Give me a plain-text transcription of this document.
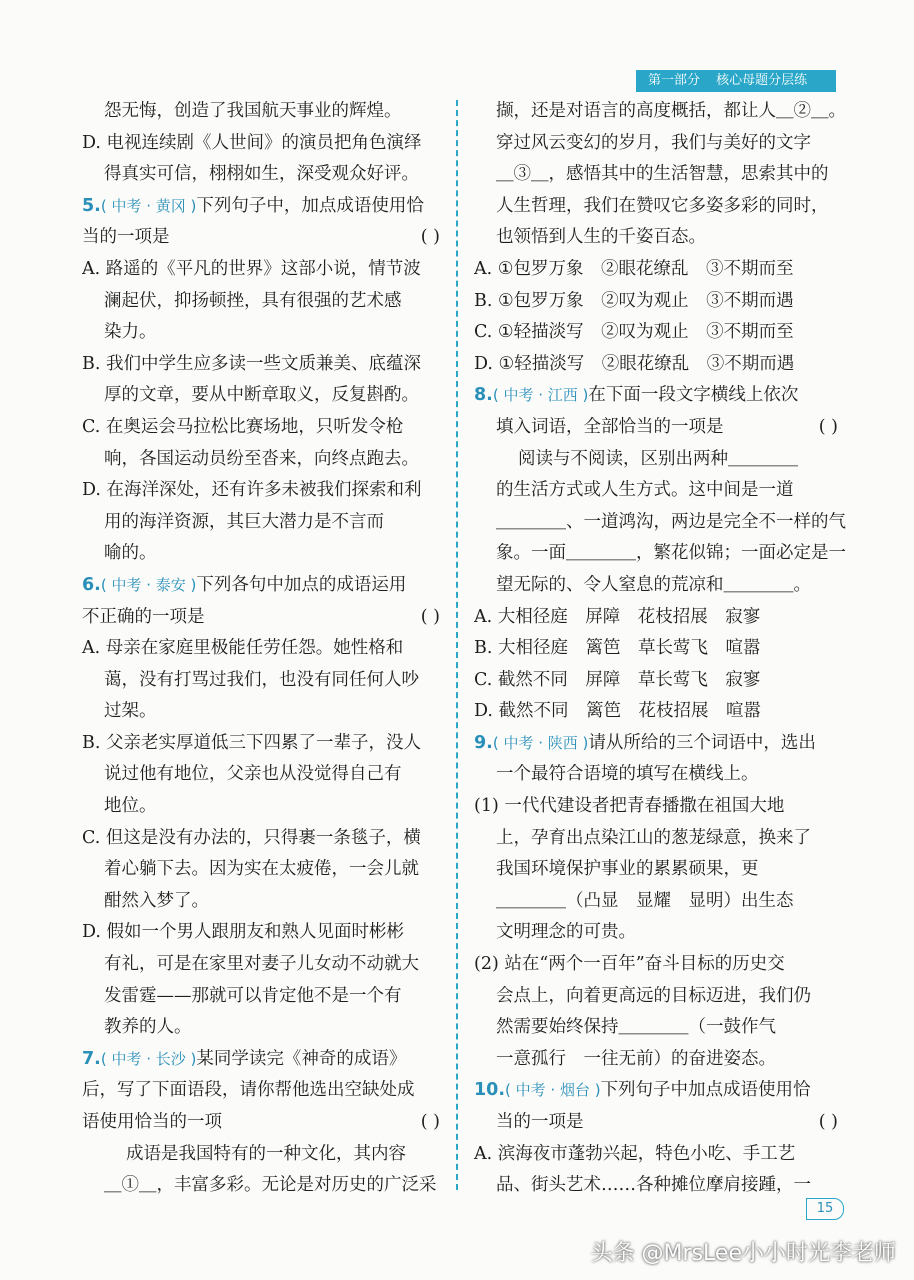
第一部分 核心母题分层练
怨无悔，创造了我国航天事业的辉煌。
D. 电视连续剧《人世间》的演员把角色演绎
得真实可信，栩栩如生，深受观众好评。
5.( 中考 · 黄冈 )下列句子中，加点成语使用恰
当的一项是	( )
A. 路遥的《平凡的世界》这部小说，情节波
澜起伏，抑扬顿挫，具有很强的艺术感
染力。
B. 我们中学生应多读一些文质兼美、底蕴深
厚的文章，要从中断章取义，反复斟酌。
C. 在奥运会马拉松比赛场地，只听发令枪
响，各国运动员纷至沓来，向终点跑去。
D. 在海洋深处，还有许多未被我们探索和利
用的海洋资源，其巨大潜力是不言而
喻的。
6.( 中考 · 泰安 )下列各句中加点的成语运用
不正确的一项是	( )
A. 母亲在家庭里极能任劳任怨。她性格和
蔼，没有打骂过我们，也没有同任何人吵
过架。
B. 父亲老实厚道低三下四累了一辈子，没人
说过他有地位，父亲也从没觉得自己有
地位。
C. 但这是没有办法的，只得裹一条毯子，横
着心躺下去。因为实在太疲倦，一会儿就
酣然入梦了。
D. 假如一个男人跟朋友和熟人见面时彬彬
有礼，可是在家里对妻子儿女动不动就大
发雷霆——那就可以肯定他不是一个有
教养的人。
7.( 中考 · 长沙 )某同学读完《神奇的成语》
后，写了下面语段，请你帮他选出空缺处成
语使用恰当的一项	( )
成语是我国特有的一种文化，其内容
＿①＿，丰富多彩。无论是对历史的广泛采
撷，还是对语言的高度概括，都让人＿②＿。
穿过风云变幻的岁月，我们与美好的文字
＿③＿，感悟其中的生活智慧，思索其中的
人生哲理，我们在赞叹它多姿多彩的同时，
也领悟到人生的千姿百态。
A. ①包罗万象　②眼花缭乱　③不期而至
B. ①包罗万象　②叹为观止　③不期而遇
C. ①轻描淡写　②叹为观止　③不期而至
D. ①轻描淡写　②眼花缭乱　③不期而遇
8.( 中考 · 江西 )在下面一段文字横线上依次
填入词语，全部恰当的一项是	( )
阅读与不阅读，区别出两种＿＿＿＿
的生活方式或人生方式。这中间是一道
＿＿＿＿、一道鸿沟，两边是完全不一样的气
象。一面＿＿＿＿，繁花似锦；一面必定是一
望无际的、令人窒息的荒凉和＿＿＿＿。
A. 大相径庭　屏障　花枝招展　寂寥
B. 大相径庭　篱笆　草长莺飞　喧嚣
C. 截然不同　屏障　草长莺飞　寂寥
D. 截然不同　篱笆　花枝招展　喧嚣
9.( 中考 · 陕西 )请从所给的三个词语中，选出
一个最符合语境的填写在横线上。
(1) 一代代建设者把青春播撒在祖国大地
上，孕育出点染江山的葱茏绿意，换来了
我国环境保护事业的累累硕果，更
＿＿＿＿（凸显　显耀　显明）出生态
文明理念的可贵。
(2) 站在“两个一百年”奋斗目标的历史交
会点上，向着更高远的目标迈进，我们仍
然需要始终保持＿＿＿＿（一鼓作气
一意孤行　一往无前）的奋进姿态。
10.( 中考 · 烟台 )下列句子中加点成语使用恰
当的一项是	( )
A. 滨海夜市蓬勃兴起，特色小吃、手工艺
品、街头艺术……各种摊位摩肩接踵，一
15
头条 @MrsLee小小时光李老师
